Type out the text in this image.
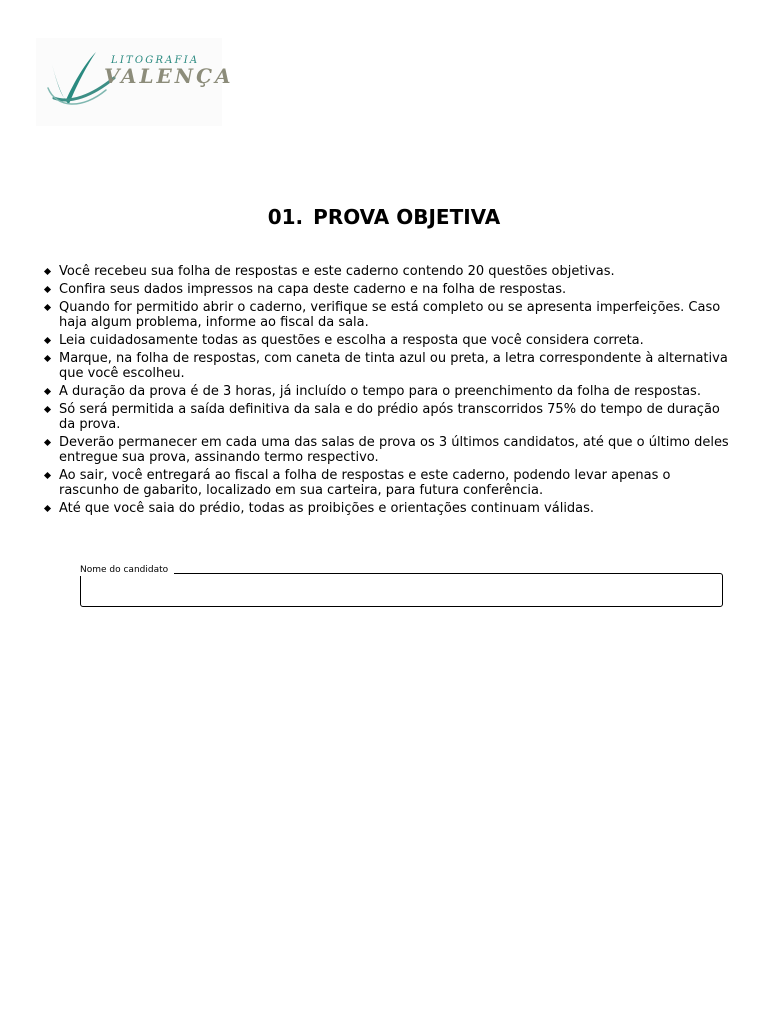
LITOGRAFIA
VALENÇA
01. PROVA OBJETIVA
Você recebeu sua folha de respostas e este caderno contendo 20 questões objetivas.
Confira seus dados impressos na capa deste caderno e na folha de respostas.
Quando for permitido abrir o caderno, verifique se está completo ou se apresenta imperfeições. Caso haja algum problema, informe ao fiscal da sala.
Leia cuidadosamente todas as questões e escolha a resposta que você considera correta.
Marque, na folha de respostas, com caneta de tinta azul ou preta, a letra correspondente à alternativa que você escolheu.
A duração da prova é de 3 horas, já incluído o tempo para o preenchimento da folha de respostas.
Só será permitida a saída definitiva da sala e do prédio após transcorridos 75% do tempo de duração da prova.
Deverão permanecer em cada uma das salas de prova os 3 últimos candidatos, até que o último deles entregue sua prova, assinando termo respectivo.
Ao sair, você entregará ao fiscal a folha de respostas e este caderno, podendo levar apenas o rascunho de gabarito, localizado em sua carteira, para futura conferência.
Até que você saia do prédio, todas as proibições e orientações continuam válidas.
Nome do candidato
